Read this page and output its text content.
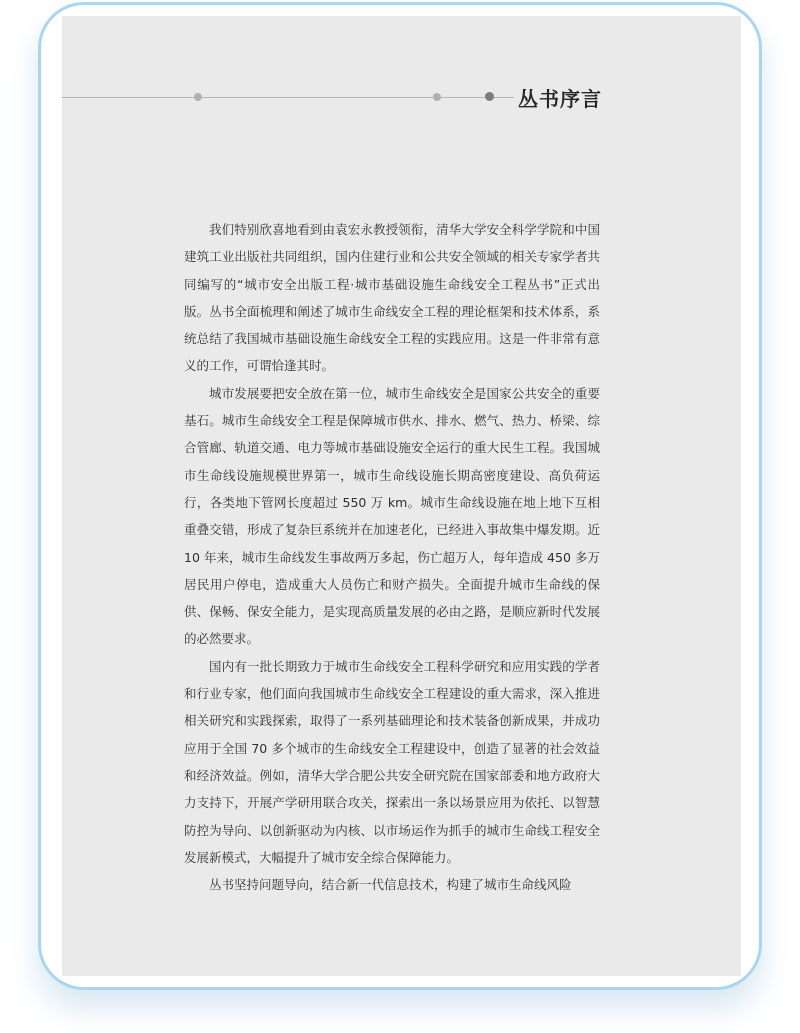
丛书序言

我们特别欣喜地看到由袁宏永教授领衔，清华大学安全科学学院和中国建筑工业出版社共同组织，国内住建行业和公共安全领域的相关专家学者共同编写的“城市安全出版工程·城市基础设施生命线安全工程丛书”正式出版。丛书全面梳理和阐述了城市生命线安全工程的理论框架和技术体系，系统总结了我国城市基础设施生命线安全工程的实践应用。这是一件非常有意义的工作，可谓恰逢其时。

城市发展要把安全放在第一位，城市生命线安全是国家公共安全的重要基石。城市生命线安全工程是保障城市供水、排水、燃气、热力、桥梁、综合管廊、轨道交通、电力等城市基础设施安全运行的重大民生工程。我国城市生命线设施规模世界第一，城市生命线设施长期高密度建设、高负荷运行，各类地下管网长度超过 550 万 km。城市生命线设施在地上地下互相重叠交错，形成了复杂巨系统并在加速老化，已经进入事故集中爆发期。近 10 年来，城市生命线发生事故两万多起，伤亡超万人，每年造成 450 多万居民用户停电，造成重大人员伤亡和财产损失。全面提升城市生命线的保供、保畅、保安全能力，是实现高质量发展的必由之路，是顺应新时代发展的必然要求。

国内有一批长期致力于城市生命线安全工程科学研究和应用实践的学者和行业专家，他们面向我国城市生命线安全工程建设的重大需求，深入推进相关研究和实践探索，取得了一系列基础理论和技术装备创新成果，并成功应用于全国 70 多个城市的生命线安全工程建设中，创造了显著的社会效益和经济效益。例如，清华大学合肥公共安全研究院在国家部委和地方政府大力支持下，开展产学研用联合攻关，探索出一条以场景应用为依托、以智慧防控为导向、以创新驱动为内核、以市场运作为抓手的城市生命线工程安全发展新模式，大幅提升了城市安全综合保障能力。

丛书坚持问题导向，结合新一代信息技术，构建了城市生命线风险
